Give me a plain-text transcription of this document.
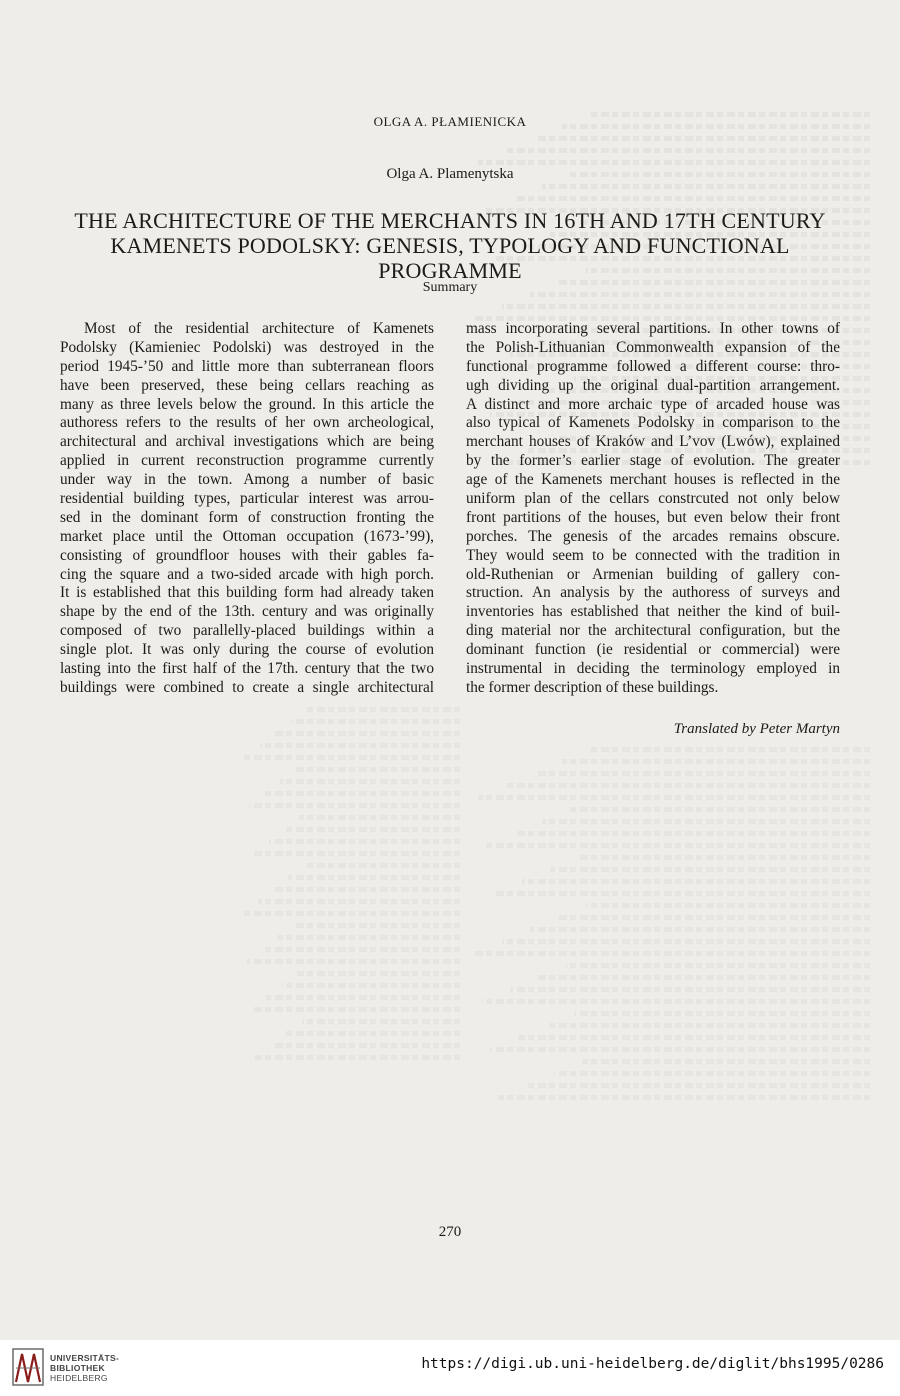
OLGA A. PŁAMIENICKA
Olga A. Plamenytska
THE ARCHITECTURE OF THE MERCHANTS IN 16TH AND 17TH CENTURY
KAMENETS PODOLSKY: GENESIS, TYPOLOGY AND FUNCTIONAL
PROGRAMME
Summary
Most of the residential architecture of Kamenets
Podolsky (Kamieniec Podolski) was destroyed in the
period 1945-’50 and little more than subterranean floors
have been preserved, these being cellars reaching as
many as three levels below the ground. In this article the
authoress refers to the results of her own archeological,
architectural and archival investigations which are being
applied in current reconstruction programme currently
under way in the town. Among a number of basic
residential building types, particular interest was arrou-
sed in the dominant form of construction fronting the
market place until the Ottoman occupation (1673-’99),
consisting of groundfloor houses with their gables fa-
cing the square and a two-sided arcade with high porch.
It is established that this building form had already taken
shape by the end of the 13th. century and was originally
composed of two parallelly-placed buildings within a
single plot. It was only during the course of evolution
lasting into the first half of the 17th. century that the two
buildings were combined to create a single architectural
mass incorporating several partitions. In other towns of
the Polish-Lithuanian Commonwealth expansion of the
functional programme followed a different course: thro-
ugh dividing up the original dual-partition arrangement.
A distinct and more archaic type of arcaded house was
also typical of Kamenets Podolsky in comparison to the
merchant houses of Kraków and L’vov (Lwów), explained
by the former’s earlier stage of evolution. The greater
age of the Kamenets merchant houses is reflected in the
uniform plan of the cellars constrcuted not only below
front partitions of the houses, but even below their front
porches. The genesis of the arcades remains obscure.
They would seem to be connected with the tradition in
old-Ruthenian or Armenian building of gallery con-
struction. An analysis by the authoress of surveys and
inventories has established that neither the kind of buil-
ding material nor the architectural configuration, but the
dominant function (ie residential or commercial) were
instrumental in deciding the terminology employed in
the former description of these buildings.
Translated by Peter Martyn
270
UNIVERSITÄTS-
BIBLIOTHEK
HEIDELBERG
https://digi.ub.uni-heidelberg.de/diglit/bhs1995/0286
